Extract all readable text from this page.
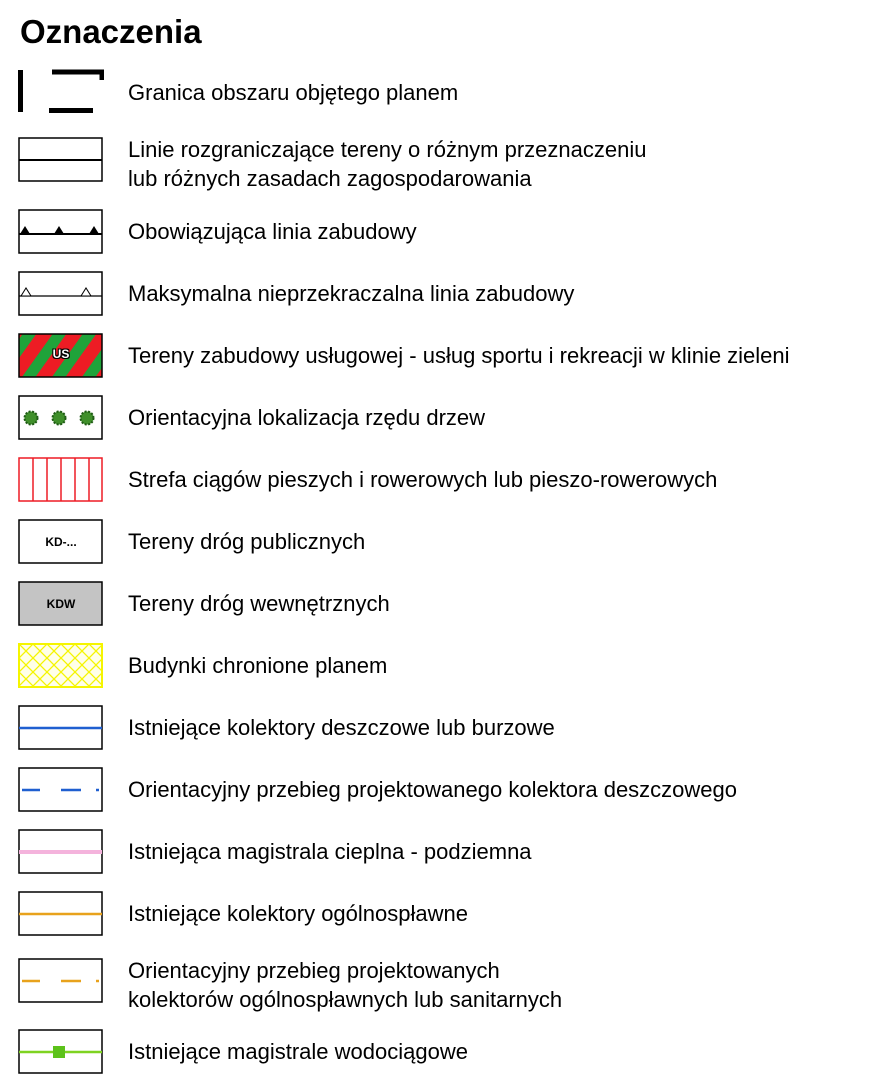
Oznaczenia
Granica obszaru objętego planem
Linie rozgraniczające tereny o różnym przeznaczeniu
lub różnych zasadach zagospodarowania
Obowiązująca linia zabudowy
Maksymalna nieprzekraczalna linia zabudowy
US	Tereny zabudowy usługowej - usług sportu i rekreacji w klinie zieleni
Orientacyjna lokalizacja rzędu drzew
Strefa ciągów pieszych i rowerowych lub pieszo-rowerowych
KD-...	Tereny dróg publicznych
KDW	Tereny dróg wewnętrznych
Budynki chronione planem
Istniejące kolektory deszczowe lub burzowe
Orientacyjny przebieg projektowanego kolektora deszczowego
Istniejąca magistrala cieplna - podziemna
Istniejące kolektory ogólnospławne
Orientacyjny przebieg projektowanych
kolektorów ogólnospławnych lub sanitarnych
Istniejące magistrale wodociągowe
